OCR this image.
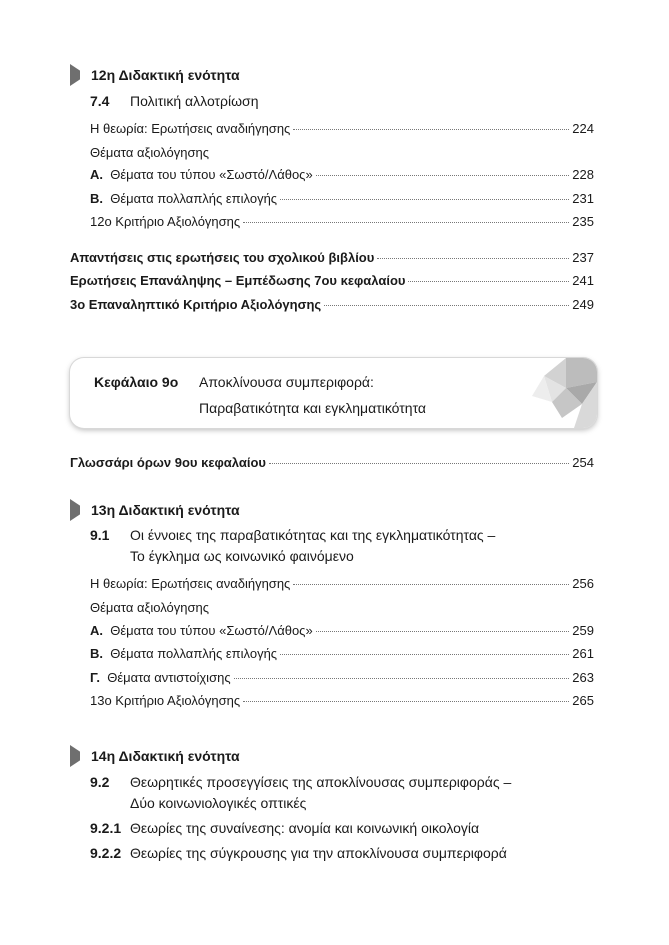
12η Διδακτική ενότητα
7.4 Πολιτική αλλοτρίωση
Η θεωρία: Ερωτήσεις αναδιήγησης	224
Θέματα αξιολόγησης
Α. Θέματα του τύπου «Σωστό/Λάθος»	228
Β. Θέματα πολλαπλής επιλογής	231
12ο Κριτήριο Αξιολόγησης	235
Απαντήσεις στις ερωτήσεις του σχολικού βιβλίου	237
Ερωτήσεις Επανάληψης – Εμπέδωσης 7ου κεφαλαίου	241
3ο Επαναληπτικό Κριτήριο Αξιολόγησης	249
Κεφάλαιο 9ο Αποκλίνουσα συμπεριφορά:
Παραβατικότητα και εγκληματικότητα
Γλωσσάρι όρων 9ου κεφαλαίου	254
13η Διδακτική ενότητα
9.1 Οι έννοιες της παραβατικότητας και της εγκληματικότητας –
Το έγκλημα ως κοινωνικό φαινόμενο
Η θεωρία: Ερωτήσεις αναδιήγησης	256
Θέματα αξιολόγησης
Α. Θέματα του τύπου «Σωστό/Λάθος»	259
Β. Θέματα πολλαπλής επιλογής	261
Γ. Θέματα αντιστοίχισης	263
13ο Κριτήριο Αξιολόγησης	265
14η Διδακτική ενότητα
9.2 Θεωρητικές προσεγγίσεις της αποκλίνουσας συμπεριφοράς –
Δύο κοινωνιολογικές οπτικές
9.2.1 Θεωρίες της συναίνεσης: ανομία και κοινωνική οικολογία
9.2.2 Θεωρίες της σύγκρουσης για την αποκλίνουσα συμπεριφορά
